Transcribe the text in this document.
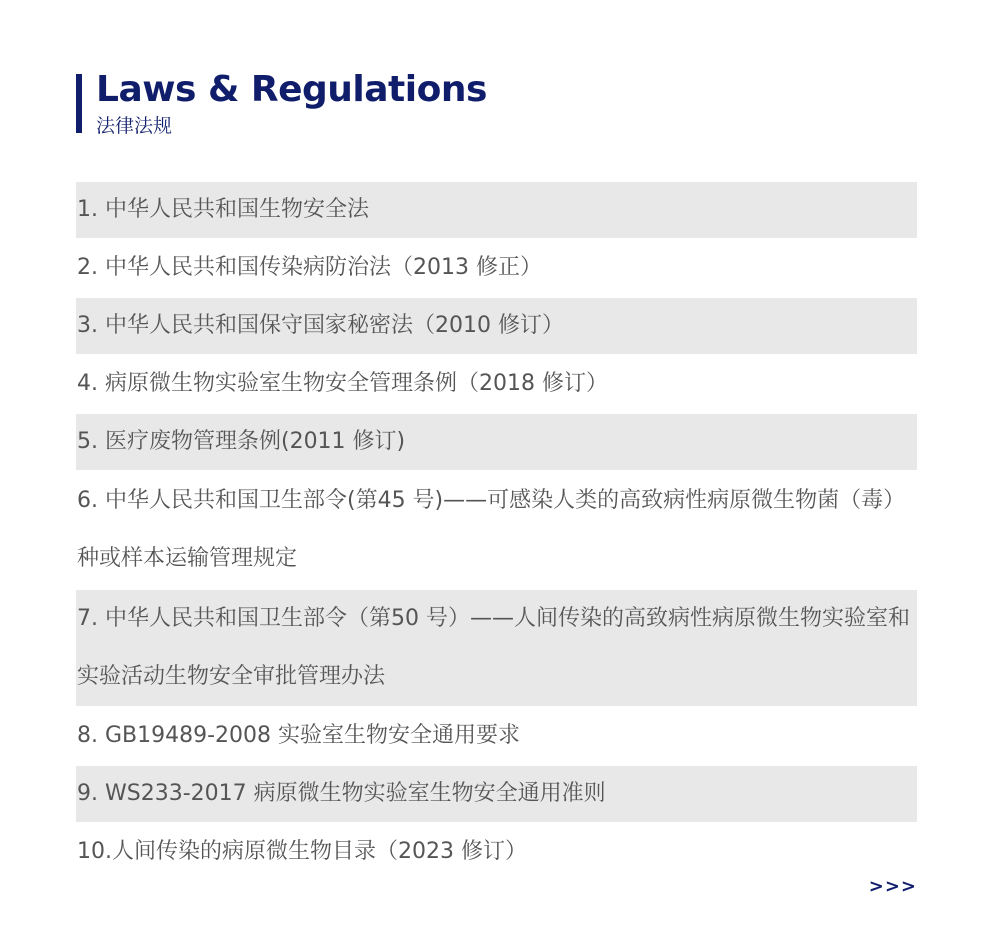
Laws & Regulations
法律法规
1. 中华人民共和国生物安全法
2. 中华人民共和国传染病防治法（2013 修正）
3. 中华人民共和国保守国家秘密法（2010 修订）
4. 病原微生物实验室生物安全管理条例（2018 修订）
5. 医疗废物管理条例(2011 修订)
6. 中华人民共和国卫生部令(第45 号)——可感染人类的高致病性病原微生物菌（毒）种或样本运输管理规定
7. 中华人民共和国卫生部令（第50 号）——人间传染的高致病性病原微生物实验室和实验活动生物安全审批管理办法
8. GB19489-2008 实验室生物安全通用要求
9. WS233-2017 病原微生物实验室生物安全通用准则
10.人间传染的病原微生物目录（2023 修订）
>>>
